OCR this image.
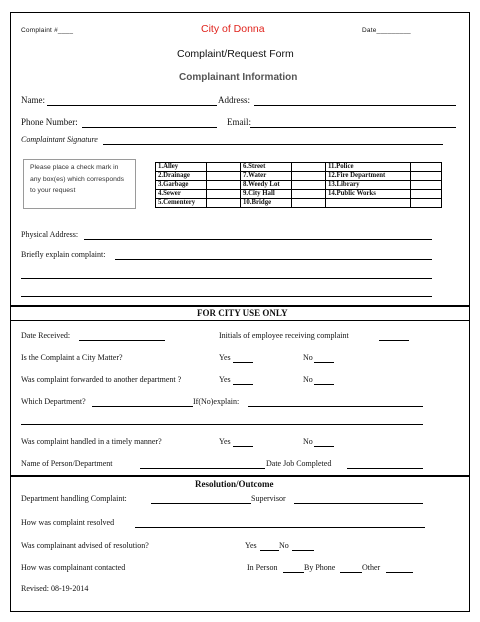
Complaint #____	City of Donna	Date_________
Complaint/Request Form
Complainant Information
Name:	Address:
Phone Number:	Email:
Complaintant Signature
Please place a check mark in any box(es) which corresponds to your request
1.Alley		6.Street		11.Police	
2.Drainage		7.Water		12.Fire Department	
3.Garbage		8.Weedy Lot		13.Library	
4.Sewer		9.City Hall		14.Public Works	
5.Cementery		10.Bridge			
Physical Address:
Briefly explain complaint:
FOR CITY USE ONLY
Date Received:	Initials of employee receiving complaint
Is the Complaint a City Matter?	Yes	No
Was complaint forwarded to another department ?	Yes	No
Which Department?	If(No)explain:
Was complaint handled in a timely manner?	Yes	No
Name of Person/Department	Date Job Completed
Resolution/Outcome
Department handling Complaint:	Supervisor
How was complaint resolved
Was complainant advised of resolution?	Yes	No
How was complainant contacted	In Person	By Phone	Other
Revised: 08-19-2014
